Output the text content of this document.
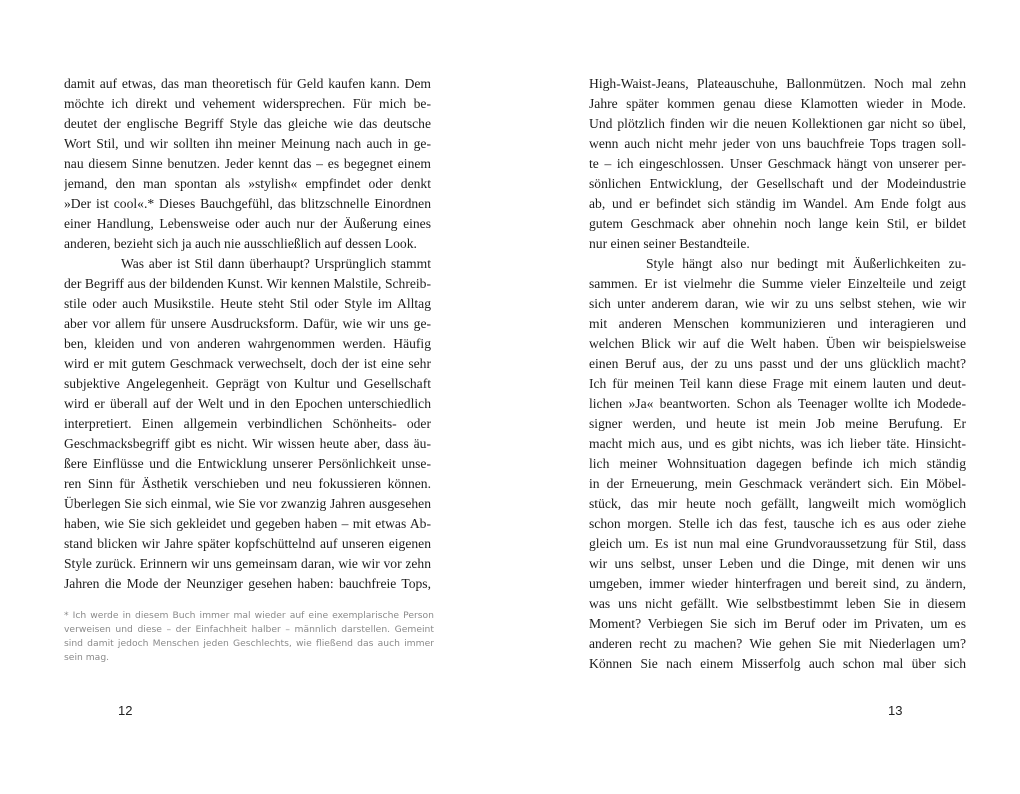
damit auf etwas, das man theoretisch für Geld kaufen kann. Dem
möchte ich direkt und vehement widersprechen. Für mich be-
deutet der englische Begriff Style das gleiche wie das deutsche
Wort Stil, und wir sollten ihn meiner Meinung nach auch in ge-
nau diesem Sinne benutzen. Jeder kennt das – es begegnet einem
jemand, den man spontan als »stylish« empfindet oder denkt
»Der ist cool«.* Dieses Bauchgefühl, das blitzschnelle Einordnen
einer Handlung, Lebensweise oder auch nur der Äußerung eines
anderen, bezieht sich ja auch nie ausschließlich auf dessen Look.
Was aber ist Stil dann überhaupt? Ursprünglich stammt
der Begriff aus der bildenden Kunst. Wir kennen Malstile, Schreib-
stile oder auch Musikstile. Heute steht Stil oder Style im Alltag
aber vor allem für unsere Ausdrucksform. Dafür, wie wir uns ge-
ben, kleiden und von anderen wahrgenommen werden. Häufig
wird er mit gutem Geschmack verwechselt, doch der ist eine sehr
subjektive Angelegenheit. Geprägt von Kultur und Gesellschaft
wird er überall auf der Welt und in den Epochen unterschiedlich
interpretiert. Einen allgemein verbindlichen Schönheits- oder
Geschmacksbegriff gibt es nicht. Wir wissen heute aber, dass äu-
ßere Einflüsse und die Entwicklung unserer Persönlichkeit unse-
ren Sinn für Ästhetik verschieben und neu fokussieren können.
Überlegen Sie sich einmal, wie Sie vor zwanzig Jahren ausgesehen
haben, wie Sie sich gekleidet und gegeben haben – mit etwas Ab-
stand blicken wir Jahre später kopfschüttelnd auf unseren eigenen
Style zurück. Erinnern wir uns gemeinsam daran, wie wir vor zehn
Jahren die Mode der Neunziger gesehen haben: bauchfreie Tops,
* Ich werde in diesem Buch immer mal wieder auf eine exemplarische Person
verweisen und diese – der Einfachheit halber – männlich darstellen. Gemeint
sind damit jedoch Menschen jeden Geschlechts, wie fließend das auch immer
sein mag.
12
High-Waist-Jeans, Plateauschuhe, Ballonmützen. Noch mal zehn
Jahre später kommen genau diese Klamotten wieder in Mode.
Und plötzlich finden wir die neuen Kollektionen gar nicht so übel,
wenn auch nicht mehr jeder von uns bauchfreie Tops tragen soll-
te – ich eingeschlossen. Unser Geschmack hängt von unserer per-
sönlichen Entwicklung, der Gesellschaft und der Modeindustrie
ab, und er befindet sich ständig im Wandel. Am Ende folgt aus
gutem Geschmack aber ohnehin noch lange kein Stil, er bildet
nur einen seiner Bestandteile.
Style hängt also nur bedingt mit Äußerlichkeiten zu-
sammen. Er ist vielmehr die Summe vieler Einzelteile und zeigt
sich unter anderem daran, wie wir zu uns selbst stehen, wie wir
mit anderen Menschen kommunizieren und interagieren und
welchen Blick wir auf die Welt haben. Üben wir beispielsweise
einen Beruf aus, der zu uns passt und der uns glücklich macht?
Ich für meinen Teil kann diese Frage mit einem lauten und deut-
lichen »Ja« beantworten. Schon als Teenager wollte ich Modede-
signer werden, und heute ist mein Job meine Berufung. Er
macht mich aus, und es gibt nichts, was ich lieber täte. Hinsicht-
lich meiner Wohnsituation dagegen befinde ich mich ständig
in der Erneuerung, mein Geschmack verändert sich. Ein Möbel-
stück, das mir heute noch gefällt, langweilt mich womöglich
schon morgen. Stelle ich das fest, tausche ich es aus oder ziehe
gleich um. Es ist nun mal eine Grundvoraussetzung für Stil, dass
wir uns selbst, unser Leben und die Dinge, mit denen wir uns
umgeben, immer wieder hinterfragen und bereit sind, zu ändern,
was uns nicht gefällt. Wie selbstbestimmt leben Sie in diesem
Moment? Verbiegen Sie sich im Beruf oder im Privaten, um es
anderen recht zu machen? Wie gehen Sie mit Niederlagen um?
Können Sie nach einem Misserfolg auch schon mal über sich
13
